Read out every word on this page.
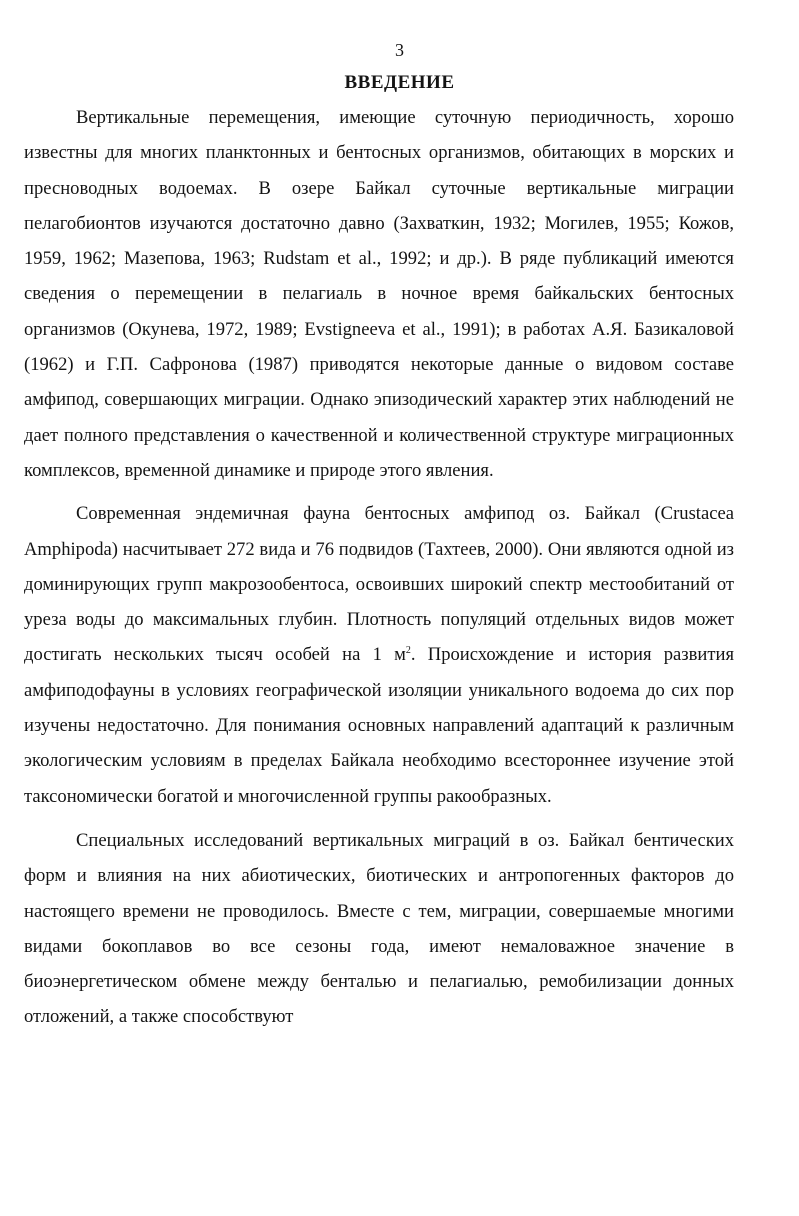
3
ВВЕДЕНИЕ

Вертикальные перемещения, имеющие суточную периодичность, хорошо известны для многих планктонных и бентосных организмов, обитающих в морских и пресноводных водоемах. В озере Байкал суточные вертикальные миграции пелагобионтов изучаются достаточно давно (Захваткин, 1932; Могилев, 1955; Кожов, 1959, 1962; Мазепова, 1963; Rudstam et al., 1992; и др.). В ряде публикаций имеются сведения о перемещении в пелагиаль в ночное время байкальских бентосных организмов (Окунева, 1972, 1989; Evstigneeva et al., 1991); в работах А.Я. Базикаловой (1962) и Г.П. Сафронова (1987) приводятся некоторые данные о видовом составе амфипод, совершающих миграции. Однако эпизодический характер этих наблюдений не дает полного представления о качественной и количественной структуре миграционных комплексов, временной динамике и природе этого явления.

Современная эндемичная фауна бентосных амфипод оз. Байкал (Crustacea Amphipoda) насчитывает 272 вида и 76 подвидов (Тахтеев, 2000). Они являются одной из доминирующих групп макрозообентоса, освоивших широкий спектр местообитаний от уреза воды до максимальных глубин. Плотность популяций отдельных видов может достигать нескольких тысяч особей на 1 $м^2$. Происхождение и история развития амфиподофауны в условиях географической изоляции уникального водоема до сих пор изучены недостаточно. Для понимания основных направлений адаптаций к различным экологическим условиям в пределах Байкала необходимо всестороннее изучение этой таксономически богатой и многочисленной группы ракообразных.

Специальных исследований вертикальных миграций в оз. Байкал бентических форм и влияния на них абиотических, биотических и антропогенных факторов до настоящего времени не проводилось. Вместе с тем, миграции, совершаемые многими видами бокоплавов во все сезоны года, имеют немаловажное значение в биоэнергетическом обмене между бенталью и пелагиалью, ремобилизации донных отложений, а также способствуют
